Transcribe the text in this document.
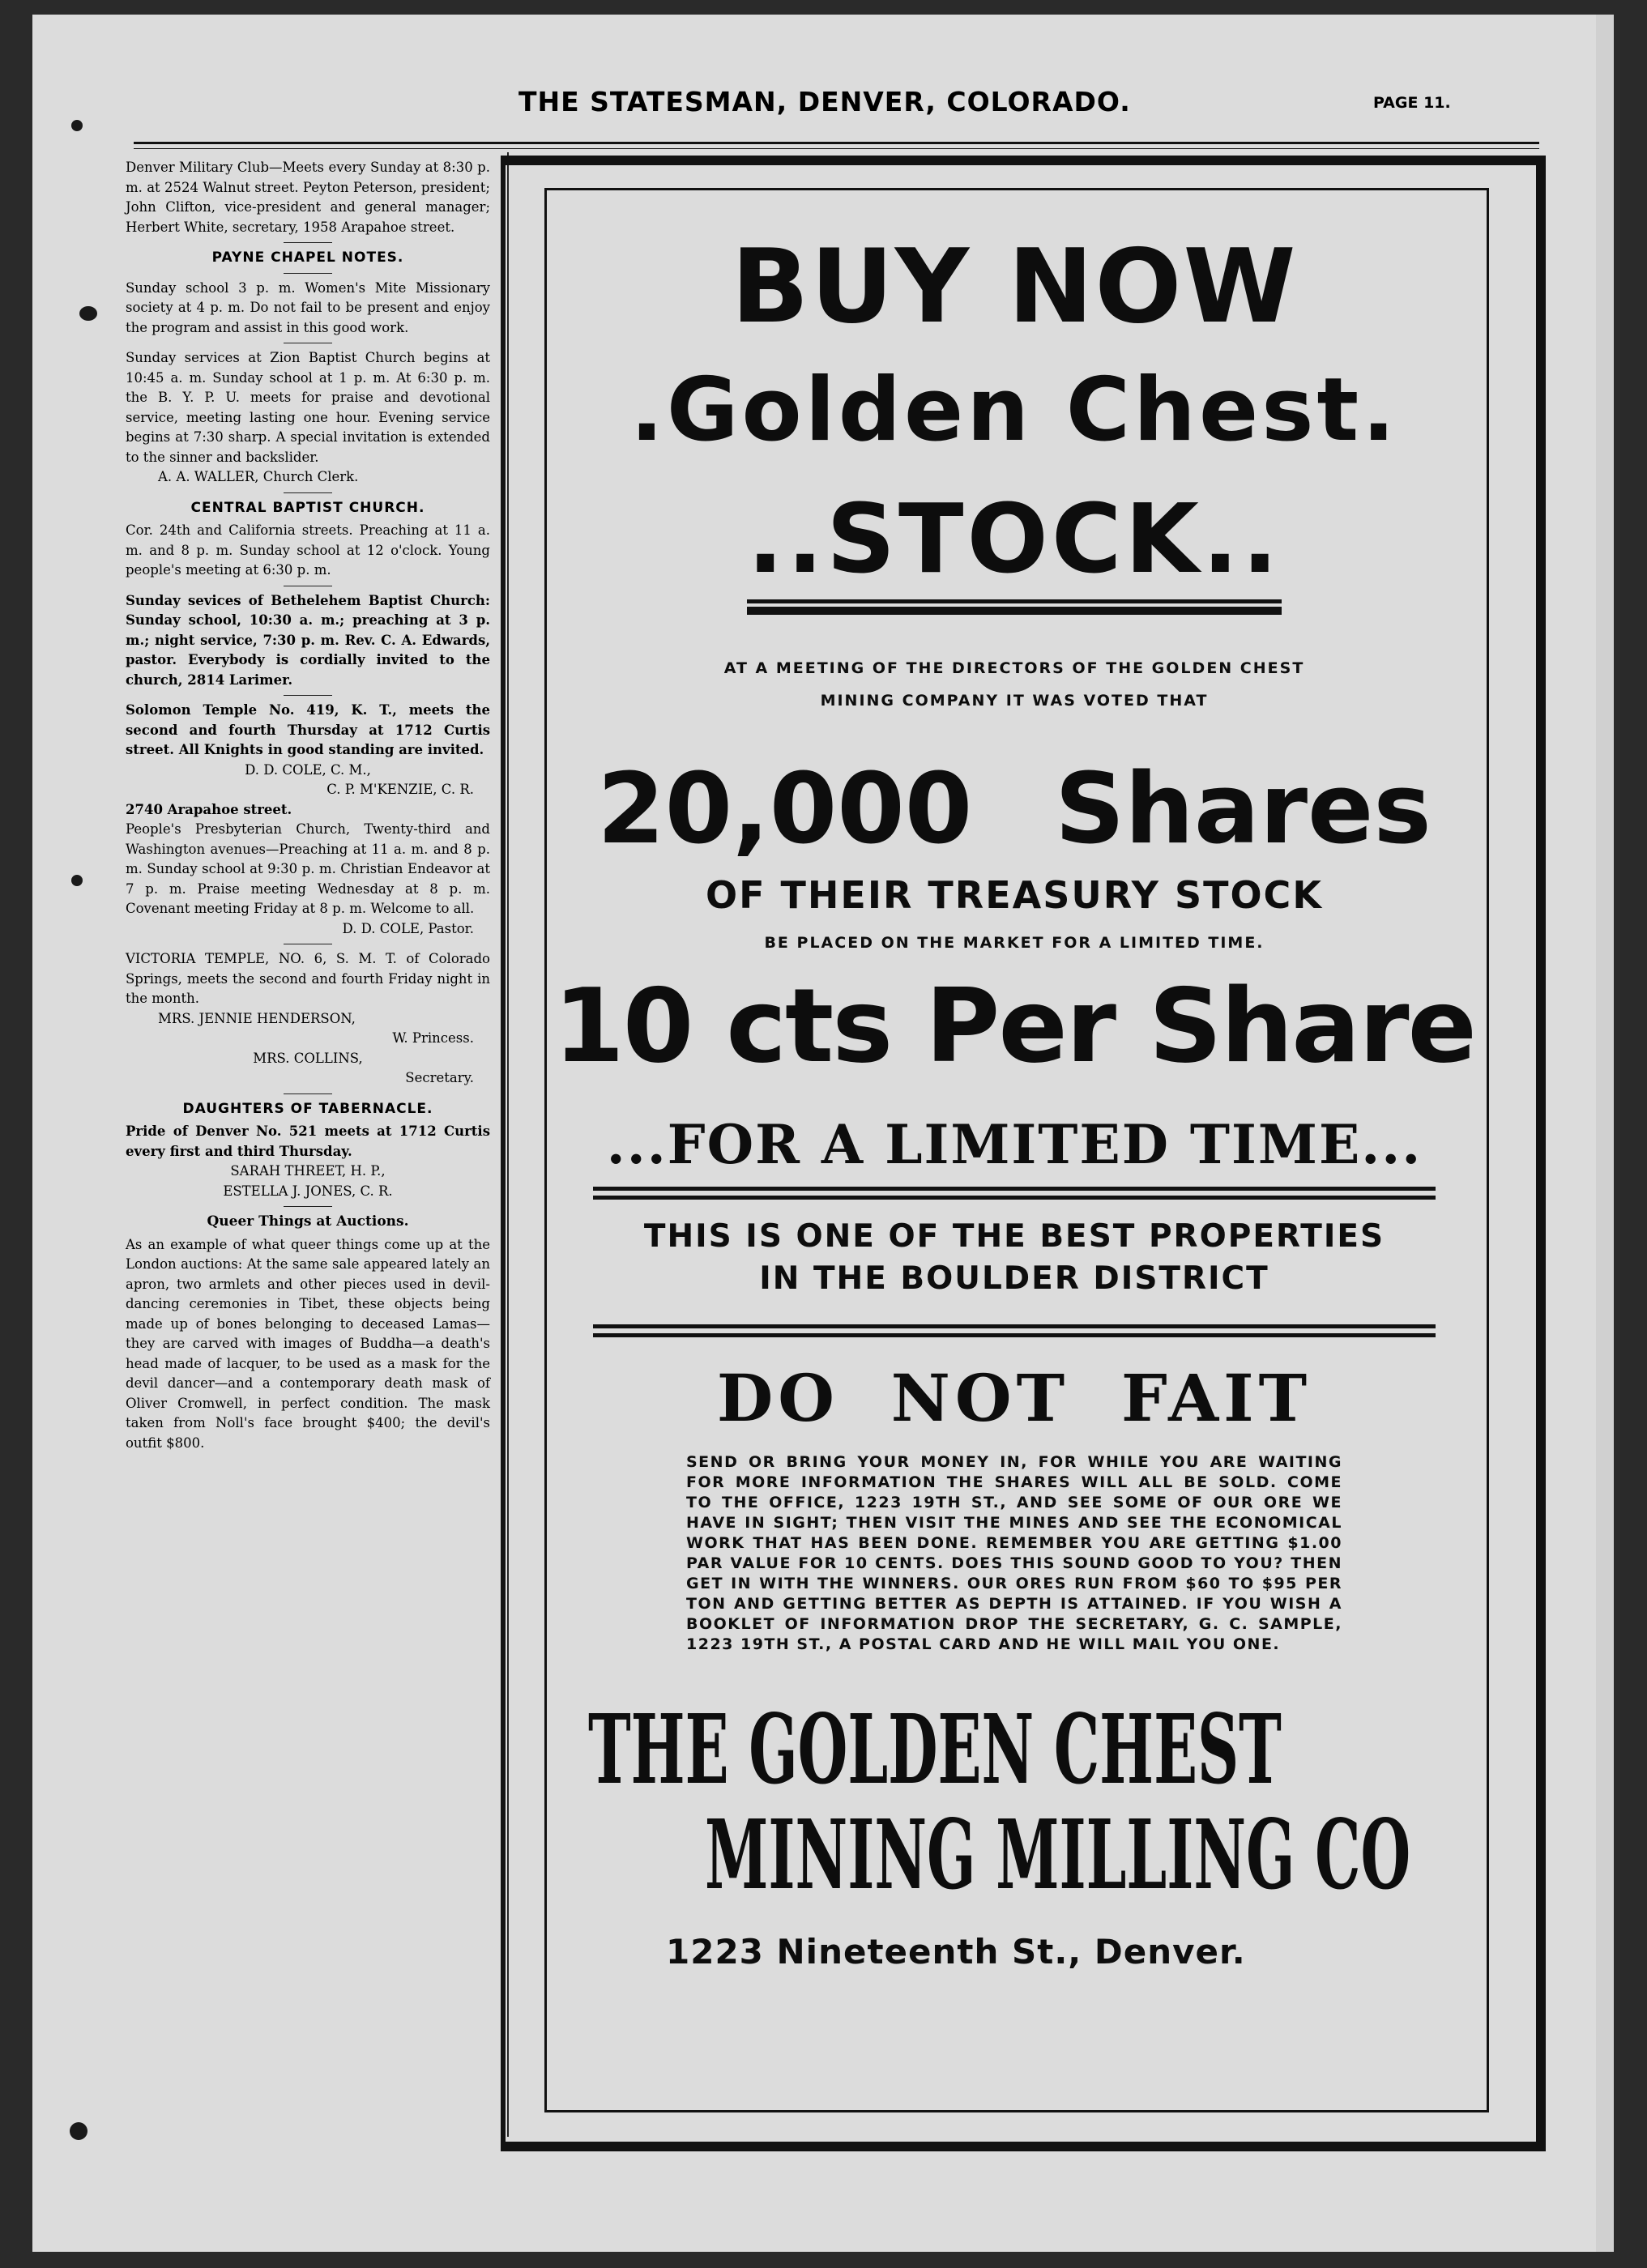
THE STATESMAN, DENVER, COLORADO.	PAGE 11.

Denver Military Club—Meets every Sunday at 8:30 p. m. at 2524 Walnut street. Peyton Peterson, president; John Clifton, vice-president and general manager; Herbert White, secretary, 1958 Arapahoe street.

PAYNE CHAPEL NOTES.

Sunday school 3 p. m. Women's Mite Missionary society at 4 p. m. Do not fail to be present and enjoy the program and assist in this good work.

Sunday services at Zion Baptist Church begins at 10:45 a. m. Sunday school at 1 p. m. At 6:30 p. m. the B. Y. P. U. meets for praise and devotional service, meeting lasting one hour. Evening service begins at 7:30 sharp. A special invitation is extended to the sinner and backslider.

A. A. WALLER, Church Clerk.
CENTRAL BAPTIST CHURCH.

Cor. 24th and California streets. Preaching at 11 a. m. and 8 p. m. Sunday school at 12 o'clock. Young people's meeting at 6:30 p. m.

Sunday sevices of Bethelehem Baptist Church: Sunday school, 10:30 a. m.; preaching at 3 p. m.; night service, 7:30 p. m. Rev. C. A. Edwards, pastor. Everybody is cordially invited to the church, 2814 Larimer.

Solomon Temple No. 419, K. T., meets the second and fourth Thursday at 1712 Curtis street. All Knights in good standing are invited.

D. D. COLE, C. M.,
C. P. M'KENZIE, C. R.
2740 Arapahoe street.

People's Presbyterian Church, Twenty-third and Washington avenues—Preaching at 11 a. m. and 8 p. m. Sunday school at 9:30 p. m. Christian Endeavor at 7 p. m. Praise meeting Wednesday at 8 p. m. Covenant meeting Friday at 8 p. m. Welcome to all.

D. D. COLE, Pastor.

VICTORIA TEMPLE, NO. 6, S. M. T. of Colorado Springs, meets the second and fourth Friday night in the month.

MRS. JENNIE HENDERSON,
W. Princess.
MRS. COLLINS,
Secretary.
DAUGHTERS OF TABERNACLE.

Pride of Denver No. 521 meets at 1712 Curtis every first and third Thursday.

SARAH THREET, H. P.,
ESTELLA J. JONES, C. R.
Queer Things at Auctions.

As an example of what queer things come up at the London auctions: At the same sale appeared lately an apron, two armlets and other pieces used in devil-dancing ceremonies in Tibet, these objects being made up of bones belonging to deceased Lamas—they are carved with images of Buddha—a death's head made of lacquer, to be used as a mask for the devil dancer—and a contemporary death mask of Oliver Cromwell, in perfect condition. The mask taken from Noll's face brought $400; the devil's outfit $800.

BUY NOW
.Golden Chest.
..STOCK..
AT A MEETING OF THE DIRECTORS OF THE GOLDEN CHEST
MINING COMPANY IT WAS VOTED THAT
20,000 Shares
OF THEIR TREASURY STOCK
BE PLACED ON THE MARKET FOR A LIMITED TIME.
10 cts Per Share
...FOR A LIMITED TIME...
THIS IS ONE OF THE BEST PROPERTIES
IN THE BOULDER DISTRICT
DO NOT FAIT
SEND OR BRING YOUR MONEY IN, FOR WHILE YOU ARE WAITING FOR MORE INFORMATION THE SHARES WILL ALL BE SOLD. COME TO THE OFFICE, 1223 19TH ST., AND SEE SOME OF OUR ORE WE HAVE IN SIGHT; THEN VISIT THE MINES AND SEE THE ECONOMICAL WORK THAT HAS BEEN DONE. REMEMBER YOU ARE GETTING $1.00 PAR VALUE FOR 10 CENTS. DOES THIS SOUND GOOD TO YOU? THEN GET IN WITH THE WINNERS. OUR ORES RUN FROM $60 TO $95 PER TON AND GETTING BETTER AS DEPTH IS ATTAINED. IF YOU WISH A BOOKLET OF INFORMATION DROP THE SECRETARY, G. C. SAMPLE, 1223 19TH ST., A POSTAL CARD AND HE WILL MAIL YOU ONE.
THE GOLDEN CHEST
MINING MILLING CO
1223 Nineteenth St., Denver.
